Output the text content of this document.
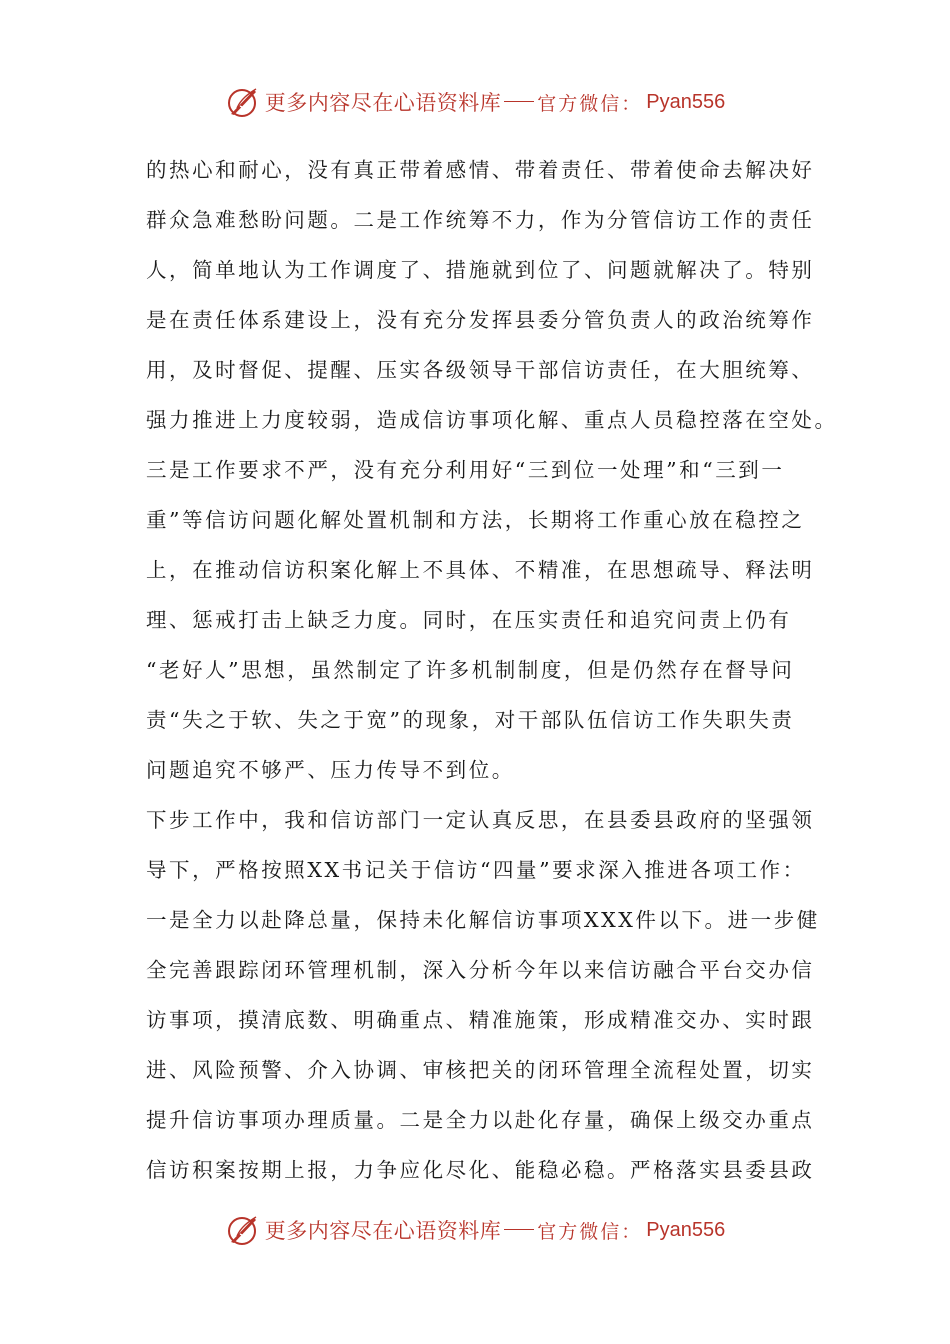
更多内容尽在心语资料库 官方微信： Pyan556
的热心和耐心，没有真正带着感情、带着责任、带着使命去解决好
群众急难愁盼问题。二是工作统筹不力，作为分管信访工作的责任
人，简单地认为工作调度了、措施就到位了、问题就解决了。特别
是在责任体系建设上，没有充分发挥县委分管负责人的政治统筹作
用，及时督促、提醒、压实各级领导干部信访责任，在大胆统筹、
强力推进上力度较弱，造成信访事项化解、重点人员稳控落在空处。
三是工作要求不严，没有充分利用好“三到位一处理”和“三到一
重”等信访问题化解处置机制和方法，长期将工作重心放在稳控之
上，在推动信访积案化解上不具体、不精准，在思想疏导、释法明
理、惩戒打击上缺乏力度。同时，在压实责任和追究问责上仍有
“老好人”思想，虽然制定了许多机制制度，但是仍然存在督导问
责“失之于软、失之于宽”的现象，对干部队伍信访工作失职失责
问题追究不够严、压力传导不到位。
下步工作中，我和信访部门一定认真反思，在县委县政府的坚强领
导下，严格按照XX书记关于信访“四量”要求深入推进各项工作：
一是全力以赴降总量，保持未化解信访事项XXX件以下。进一步健
全完善跟踪闭环管理机制，深入分析今年以来信访融合平台交办信
访事项，摸清底数、明确重点、精准施策，形成精准交办、实时跟
进、风险预警、介入协调、审核把关的闭环管理全流程处置，切实
提升信访事项办理质量。二是全力以赴化存量，确保上级交办重点
信访积案按期上报，力争应化尽化、能稳必稳。严格落实县委县政
更多内容尽在心语资料库 官方微信： Pyan556
